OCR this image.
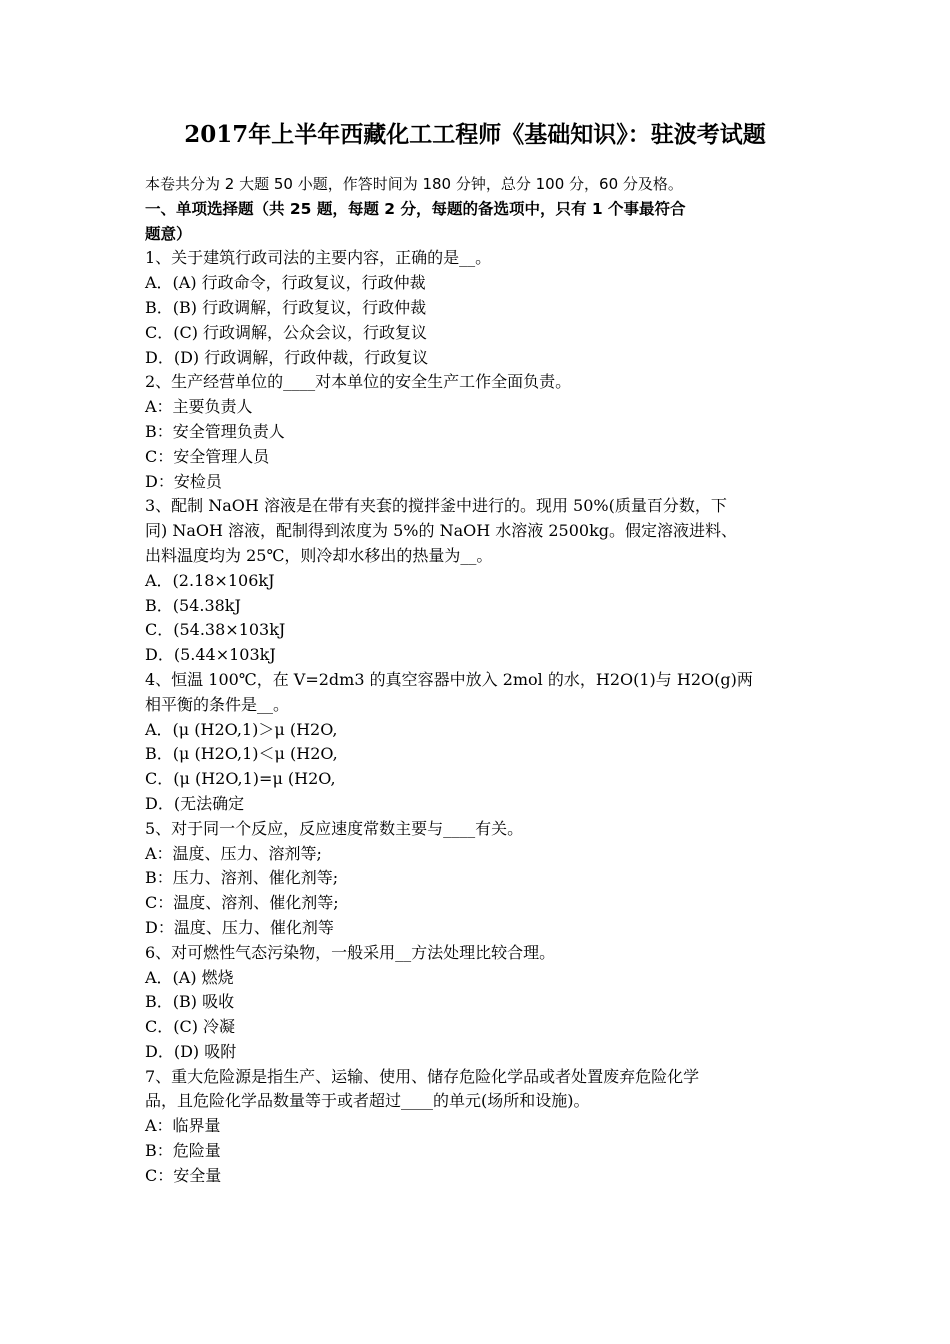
2017年上半年西藏化工工程师《基础知识》：驻波考试题
本卷共分为 2 大题 50 小题，作答时间为 180 分钟，总分 100 分，60 分及格。
一、单项选择题（共 25 题，每题 2 分，每题的备选项中，只有 1 个事最符合
题意）
1、关于建筑行政司法的主要内容，正确的是__。
A．(A) 行政命令，行政复议，行政仲裁
B．(B) 行政调解，行政复议，行政仲裁
C．(C) 行政调解，公众会议，行政复议
D．(D) 行政调解，行政仲裁，行政复议
2、生产经营单位的____对本单位的安全生产工作全面负责。
A：主要负责人
B：安全管理负责人
C：安全管理人员
D：安检员
3、配制 NaOH 溶液是在带有夹套的搅拌釜中进行的。现用 50%(质量百分数，下
同) NaOH 溶液，配制得到浓度为 5%的 NaOH 水溶液 2500kg。假定溶液进料、
出料温度均为 25℃，则冷却水移出的热量为__。
A．(2.18×106kJ
B．(54.38kJ
C．(54.38×103kJ
D．(5.44×103kJ
4、恒温 100℃，在 V=2dm3 的真空容器中放入 2mol 的水，H2O(1)与 H2O(g)两
相平衡的条件是__。
A．(μ (H2O,1)＞μ (H2O,
B．(μ (H2O,1)＜μ (H2O,
C．(μ (H2O,1)=μ (H2O,
D．(无法确定
5、对于同一个反应，反应速度常数主要与____有关。
A：温度、压力、溶剂等;
B：压力、溶剂、催化剂等;
C：温度、溶剂、催化剂等;
D：温度、压力、催化剂等
6、对可燃性气态污染物，一般采用__方法处理比较合理。
A．(A) 燃烧
B．(B) 吸收
C．(C) 冷凝
D．(D) 吸附
7、重大危险源是指生产、运输、使用、储存危险化学品或者处置废弃危险化学
品，且危险化学品数量等于或者超过____的单元(场所和设施)。
A：临界量
B：危险量
C：安全量
